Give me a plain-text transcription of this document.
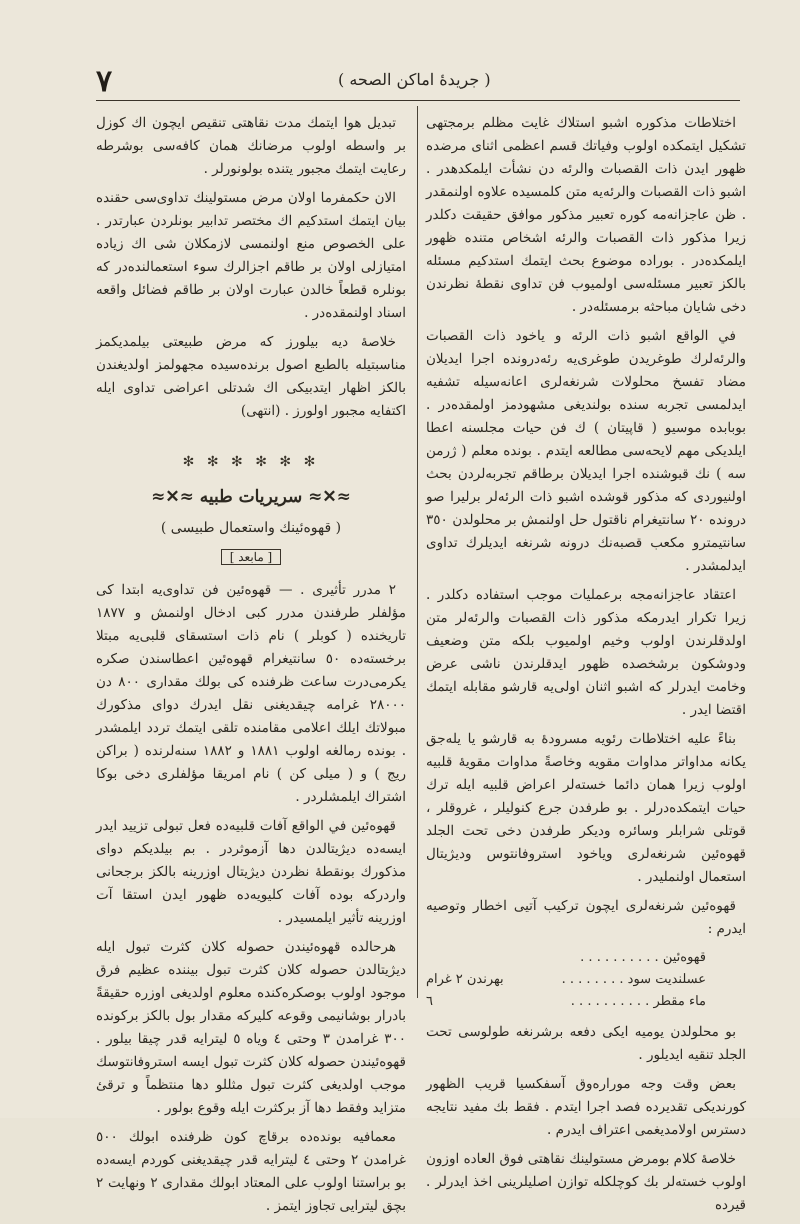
٧	( جريدهٔ اماكن الصحه )

اختلاطات مذكوره اشبو استلاك غايت مظلم برمجتهی تشكيل ايتمكده اولوب وفياتك قسم اعظمی اثنای مرضده ظهور ايدن ذات القصبات والرئه دن نشأت ايلمكدهدر . اشبو ذات القصبات والرئه‌يه متن كلمسيده علاوه اولنمقدر . ظن عاجزانه‌مه كوره تعبير مذكور موافق حقيقت دكلدر زيرا مذكور ذات القصبات والرئه اشخاص متنده ظهور ايلمكده‌در . بوراده موضوع بحث ايتمك استدكيم مسئله بالكز تعبير مسئله‌سی اولميوب فن تداوی نقطهٔ نظرندن دخی شايان مباحثه برمسئله‌در .

في الواقع اشبو ذات الرئه و ياخود ذات القصبات والرئه‌لرك طوغريدن طوغری‌يه رئه‌درونده اجرا ايديلان مضاد تفسخ محلولات شرنغه‌لری اعانه‌سيله تشفيه ايدلمسی تجربه سنده بولنديغی مشهودمز اولمقده‌در . بوبابده موسيو ( قاپيتان ) ك فن حيات مجلسنه اعطا ايلديكی مهم لايحه‌سی مطالعه ايتدم . بونده معلم ( ژرمن سه ) نك قبوشنده اجرا ايديلان برطاقم تجربه‌لردن بحث اولنيوردی كه مذكور قوشده اشبو ذات الرئه‌لر برليرا صو درونده ٢٠ سانتيغرام ناقتول حل اولنمش بر محلولدن ٣٥٠ سانتيمترو مكعب قصبه‌نك درونه شرنغه ايديلرك تداوی ايدلمشدر .

اعتقاد عاجزانه‌مجه برعمليات موجب استفاده دكلدر . زيرا تكرار ايدرمكه مذكور ذات القصبات والرئه‌لر متن اولدقلرندن اولوب وخيم اولميوب بلكه متن وضعيف ودوشكون برشخصده ظهور ايدقلرندن ناشی عرض وخامت ايدرلر كه اشبو اثنان اولی‌يه قارشو مقابله ايتمك اقتضا ايدر .

بناءً عليه اختلاطات رئويه مسرودهٔ به قارشو يا يله‌جق يكانه مداواتر مداوات مقويه وخاصةً مداوات مقويهٔ قلبيه اولوب زيرا همان دائما خسته‌لر اعراض قلبيه ايله ترك حيات ايتمكده‌درلر . بو طرفدن جرع كنوليلر ، غروقلر ، قوتلی شرابلر وسائره وديكر طرفدن دخی تحت الجلد قهوه‌ئين شرنغه‌لری وياخود استروفانتوس وديژيتال استعمال اولنملیدر .

قهوه‌ئين شرنغه‌لری ايچون تركيب آتيی اخطار وتوصيه ايدرم :

قهوه‌ئين . . . . . . . . . .
عسلنديت سود . . . . . . . .
بهرندن ٢ غرام
ماء مقطر . . . . . . . . . .
٦

بو محلولدن يومیه ايكی دفعه برشرنغه طولوسی تحت الجلد تنقيه ايديلور .

بعض وقت وجه موراره‌وق آسفكسيا قريب الظهور كورنديكی تقديرده فصد اجرا ايتدم . فقط بك مفيد نتايجه دسترس اولامديغمی اعتراف ايدرم .

خلاصهٔ كلام بومرض مستولينك نقاهتی فوق العاده اوزون اولوب خسته‌لر بك كوچلكله توازن اصليلرينی اخذ ايدرلر . قيرده

تبديل هوا ايتمك مدت نقاهتی تنقيص ايچون اك كوزل بر واسطه اولوب مرضانك همان كافه‌سی بوشرطه رعايت ايتمك مجبور يتنده بولونورلر .

الان حكمفرما اولان مرض مستولينك تداوی‌سی حقنده بيان ايتمك استدكيم اك مختصر تدابير بونلردن عبارتدر . علی الخصوص منع اولنمسی لازمكلان شی اك زياده امتيازلی اولان بر طاقم اجزالرك سوء استعمالنده‌در كه بونلره قطعاً خالدن عبارت اولان بر طاقم فضائل واقعه اسناد اولنمقده‌در .

خلاصهٔ ديه بيلورز كه مرض طبيعتی بيلمديكمز مناسبتيله بالطبع اصول برنده‌سيده مجهولمز اولديغندن بالكز اظهار ايتدبيكی اك شدتلی اعراضی تداوی ايله اكتفايه مجبور اولورز . (انتهی)

✻ ✻ ✻ ✻ ✻ ✻
≈✕≈ سريريات طبيه ≈✕≈
( قهوه‌ئينك واستعمال طبيسی )
[ مابعد ]

٢ مدرر تأثيری . — قهوه‌ئين فن تداوی‌يه ابتدا كی مؤلفلر طرفندن مدرر كبی ادخال اولنمش و ١٨٧٧ تاريخنده ( كوبلر ) نام ذات استسقای قلبی‌يه مبتلا برخسته‌ده ٥٠ سانتيغرام قهوه‌ئين اعطاسندن صكره يكرمی‌درت ساعت ظرفنده كی بولك مقداری ٨٠٠ دن ٢٨٠٠٠ غرامه چيقديغنی نقل ايدرك دوای مذكورك مبولاتك ايلك اعلامی مقامنده تلقی ايتمك تردد ايلمشدر . بونده رمالغه اولوب ١٨٨١ و ١٨٨٢ سنه‌لرنده ( براكن ريج ) و ( ميلی كن ) نام امريقا مؤلفلری دخی بوكا اشتراك ايلمشلردر .

قهوه‌ئين في الواقع آفات قلبيه‌ده فعل تبولی تزييد ايدر ايسه‌ده ديژيتالدن دها آزموثردر . بم بيلديكم دوای مذكورك بونقطهٔ نظردن ديژيتال اوزرينه بالكز برجحانی واردركه بوده آفات كليويه‌ده ظهور ايدن استقا آت اوزرينه تأثير ايلمسيدر .

هرحالده قهوه‌ئيندن حصوله كلان كثرت تبول ايله ديژيتالدن حصوله كلان كثرت تبول بيننده عظيم فرق موجود اولوب بوصكره‌كنده معلوم اولديغی اوزره حقيقةً بادرار بوشانيمی وقوعه كليركه مقدار بول بالكز بركونده ٣٠٠ غرامدن ٣ وحتی ٤ وياه ٥ ليترايه قدر چيقا بيلور . قهوه‌ئيندن حصوله كلان كثرت تبول ايسه استروفانتوسك موجب اولديغی كثرت تبول مثللو دها منتظماً و ترقیٔ متزايد وفقط دها آز بركثرت ايله وقوع بولور .

معمافيه بونده‌ده برقاچ كون ظرفنده ابولك ٥٠٠ غرامدن ٢ وحتی ٤ ليترايه قدر چيقديغنی كوردم ايسه‌ده بو براستنا اولوب علی المعتاد ابولك مقداری ٢ ونهايت ٢ بچق ليترايی تجاوز ايتمز .
